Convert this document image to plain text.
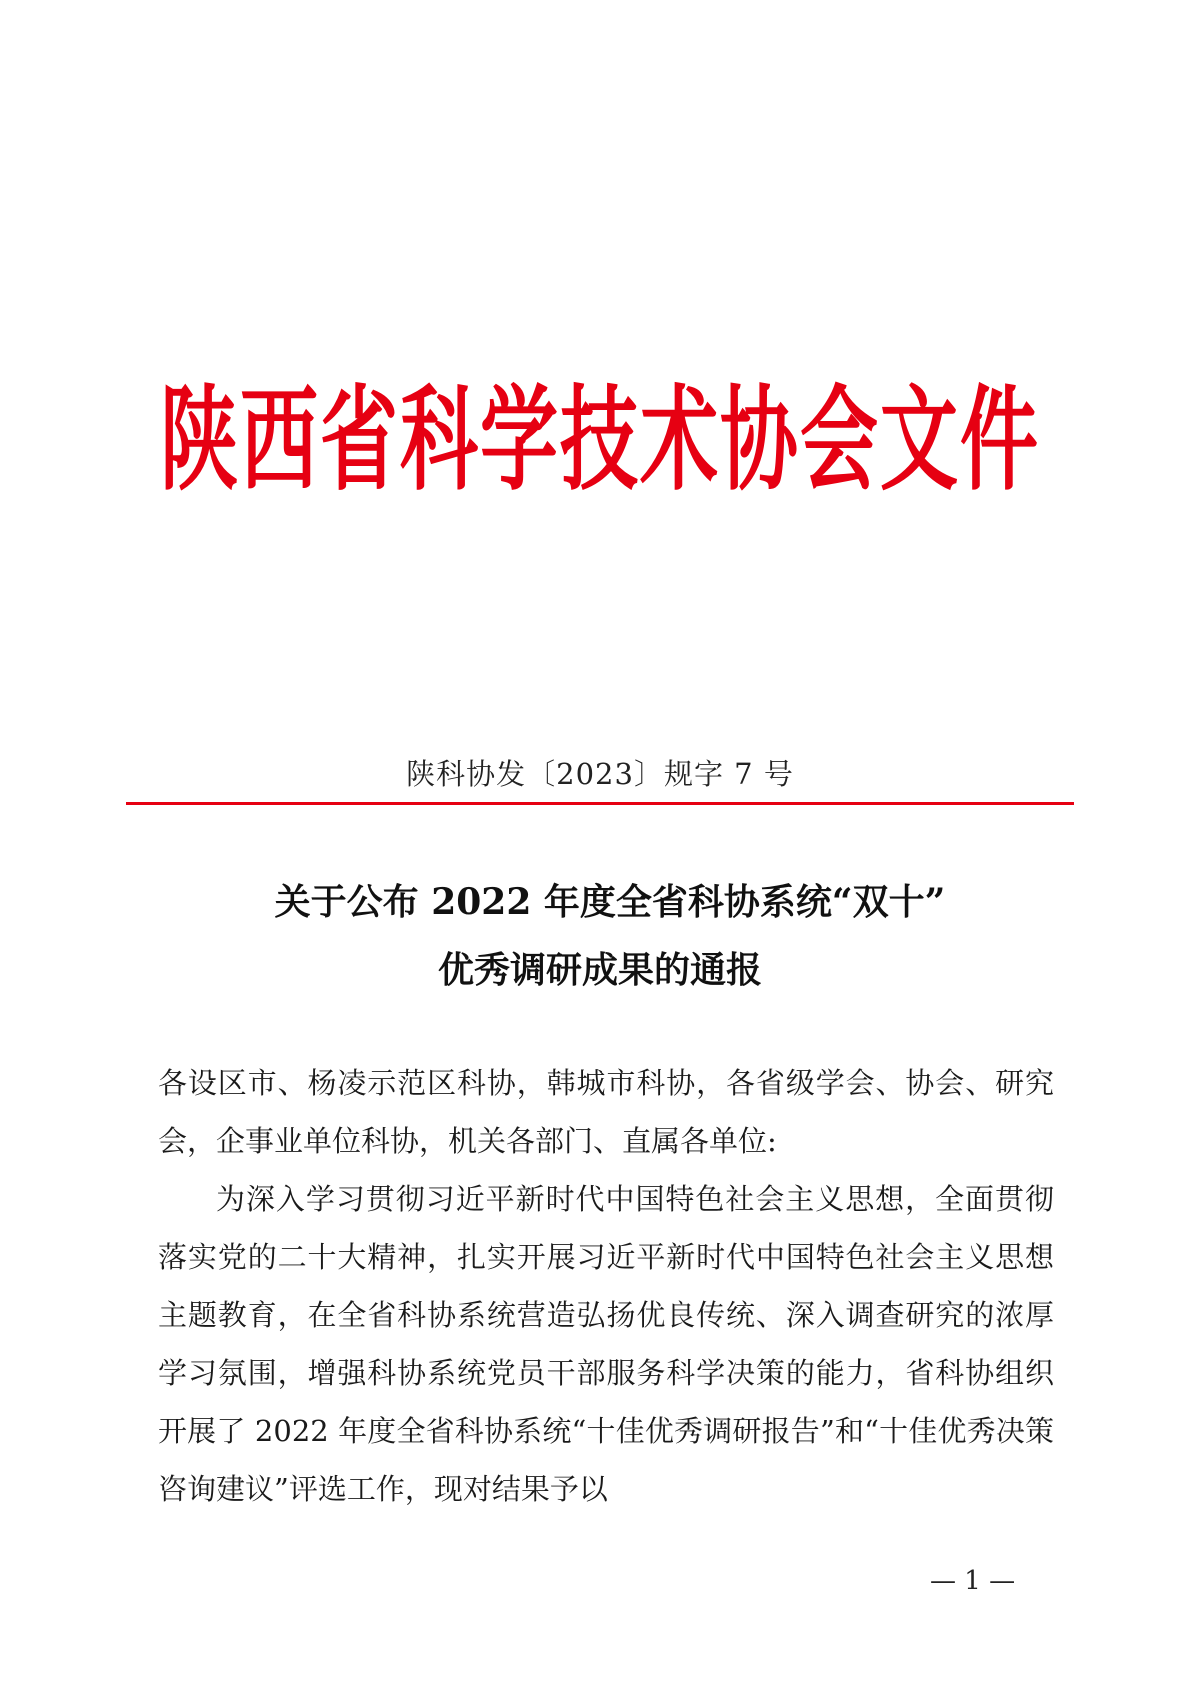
陕西省科学技术协会文件
陕科协发〔2023〕规字 7 号
关于公布 2022 年度全省科协系统“双十”
优秀调研成果的通报
各设区市、杨凌示范区科协，韩城市科协，各省级学会、协会、研究会，企事业单位科协，机关各部门、直属各单位:
为深入学习贯彻习近平新时代中国特色社会主义思想，全面贯彻落实党的二十大精神，扎实开展习近平新时代中国特色社会主义思想主题教育，在全省科协系统营造弘扬优良传统、深入调查研究的浓厚学习氛围，增强科协系统党员干部服务科学决策的能力，省科协组织开展了 2022 年度全省科协系统“十佳优秀调研报告”和“十佳优秀决策咨询建议”评选工作，现对结果予以
— 1 —
